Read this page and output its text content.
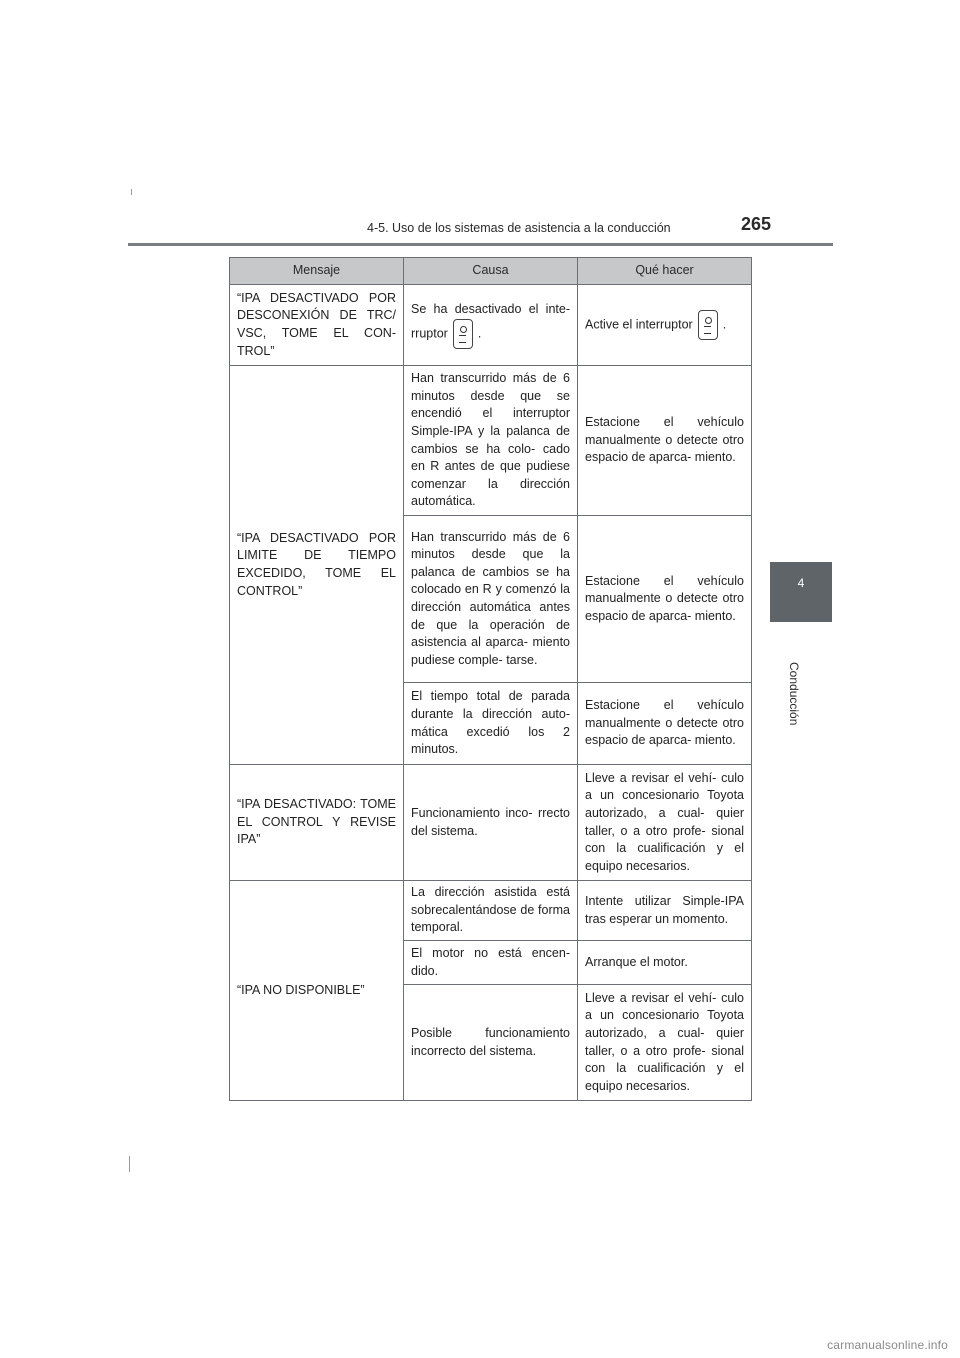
4-5. Uso de los sistemas de asistencia a la conducción	265
4
Conducción
Mensaje	Causa	Qué hacer
“IPA DESACTIVADO POR DESCONEXIÓN DE TRC/ VSC, TOME EL CON- TROL”	Se ha desactivado el inte- rruptor .	Active el interruptor .
“IPA DESACTIVADO POR LIMITE DE TIEMPO EXCEDIDO, TOME EL CONTROL”	Han transcurrido más de 6 minutos desde que se encendió el interruptor Simple-IPA y la palanca de cambios se ha colo- cado en R antes de que pudiese comenzar la dirección automática.	Estacione el vehículo manualmente o detecte otro espacio de aparca- miento.
	Han transcurrido más de 6 minutos desde que la palanca de cambios se ha colocado en R y comenzó la dirección automática antes de que la operación de asistencia al aparca- miento pudiese comple- tarse.	Estacione el vehículo manualmente o detecte otro espacio de aparca- miento.
	El tiempo total de parada durante la dirección auto- mática excedió los 2 minutos.	Estacione el vehículo manualmente o detecte otro espacio de aparca- miento.
“IPA DESACTIVADO: TOME EL CONTROL Y REVISE IPA”	Funcionamiento inco- rrecto del sistema.	Lleve a revisar el vehí- culo a un concesionario Toyota autorizado, a cual- quier taller, o a otro profe- sional con la cualificación y el equipo necesarios.
“IPA NO DISPONIBLE”	La dirección asistida está sobrecalentándose de forma temporal.	Intente utilizar Simple-IPA tras esperar un momento.
	El motor no está encen- dido.	Arranque el motor.
	Posible funcionamiento incorrecto del sistema.	Lleve a revisar el vehí- culo a un concesionario Toyota autorizado, a cual- quier taller, o a otro profe- sional con la cualificación y el equipo necesarios.
carmanualsonline.info
